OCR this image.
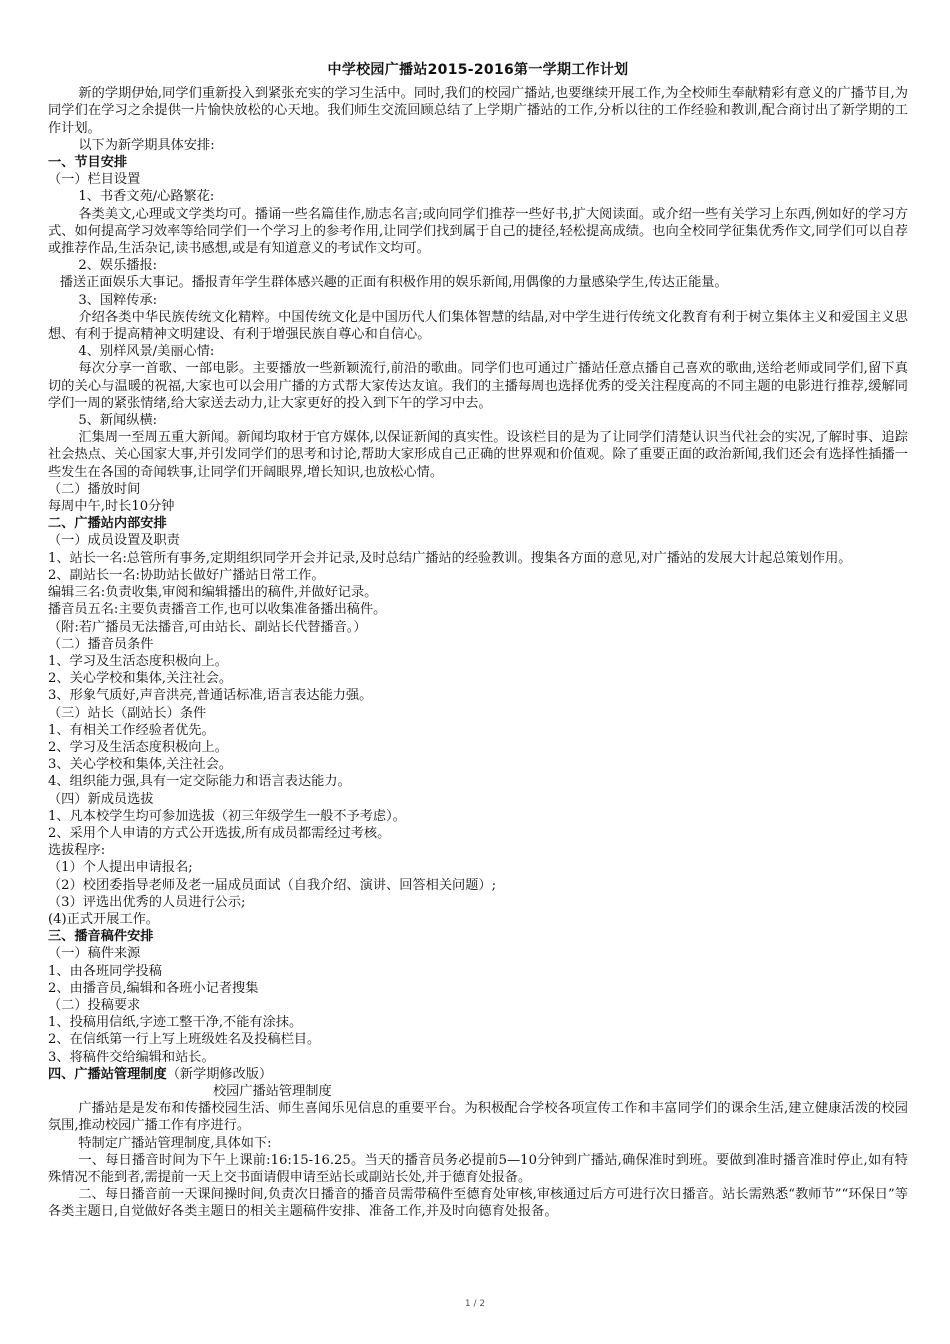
中学校园广播站2015-2016第一学期工作计划

新的学期伊始,同学们重新投入到紧张充实的学习生活中。同时,我们的校园广播站,也要继续开展工作,为全校师生奉献精彩有意义的广播节目,为同学们在学习之余提供一片愉快放松的心天地。我们师生交流回顾总结了上学期广播站的工作,分析以往的工作经验和教训,配合商讨出了新学期的工作计划。

以下为新学期具体安排:

一、节目安排

（一）栏目设置

1、书香文苑/心路繁花:

各类美文,心理或文学类均可。播诵一些名篇佳作,励志名言;或向同学们推荐一些好书,扩大阅读面。或介绍一些有关学习上东西,例如好的学习方式、如何提高学习效率等给同学们一个学习上的参考作用,让同学们找到属于自己的捷径,轻松提高成绩。也向全校同学征集优秀作文,同学们可以自荐或推荐作品,生活杂记,读书感想,或是有知道意义的考试作文均可。

2、娱乐播报:

播送正面娱乐大事记。播报青年学生群体感兴趣的正面有积极作用的娱乐新闻,用偶像的力量感染学生,传达正能量。

3、国粹传承:

介绍各类中华民族传统文化精粹。中国传统文化是中国历代人们集体智慧的结晶,对中学生进行传统文化教育有利于树立集体主义和爱国主义思想、有利于提高精神文明建设、有利于增强民族自尊心和自信心。

4、别样风景/美丽心情:

每次分享一首歌、一部电影。主要播放一些新颖流行,前沿的歌曲。同学们也可通过广播站任意点播自己喜欢的歌曲,送给老师或同学们,留下真切的关心与温暖的祝福,大家也可以会用广播的方式帮大家传达友谊。我们的主播每周也选择优秀的受关注程度高的不同主题的电影进行推荐,缓解同学们一周的紧张情绪,给大家送去动力,让大家更好的投入到下午的学习中去。

5、新闻纵横:

汇集周一至周五重大新闻。新闻均取材于官方媒体,以保证新闻的真实性。设该栏目的是为了让同学们清楚认识当代社会的实况,了解时事、追踪社会热点、关心国家大事,并引发同学们的思考和讨论,帮助大家形成自己正确的世界观和价值观。除了重要正面的政治新闻,我们还会有选择性插播一些发生在各国的奇闻轶事,让同学们开阔眼界,增长知识,也放松心情。

（二）播放时间

每周中午,时长10分钟

二、广播站内部安排

（一）成员设置及职责

1、站长一名:总管所有事务,定期组织同学开会并记录,及时总结广播站的经验教训。搜集各方面的意见,对广播站的发展大计起总策划作用。

2、副站长一名:协助站长做好广播站日常工作。

编辑三名:负责收集,审阅和编辑播出的稿件,并做好记录。

播音员五名:主要负责播音工作,也可以收集准备播出稿件。

（附:若广播员无法播音,可由站长、副站长代替播音。）

（二）播音员条件

1、学习及生活态度积极向上。

2、关心学校和集体,关注社会。

3、形象气质好,声音洪亮,普通话标准,语言表达能力强。

（三）站长（副站长）条件

1、有相关工作经验者优先。

2、学习及生活态度积极向上。

3、关心学校和集体,关注社会。

4、组织能力强,具有一定交际能力和语言表达能力。

（四）新成员选拔

1、凡本校学生均可参加选拔（初三年级学生一般不予考虑）。

2、采用个人申请的方式公开选拔,所有成员都需经过考核。

选拔程序:

（1）个人提出申请报名;

（2）校团委指导老师及老一届成员面试（自我介绍、演讲、回答相关问题）;

（3）评选出优秀的人员进行公示;

(4)正式开展工作。

三、播音稿件安排

（一）稿件来源

1、由各班同学投稿

2、由播音员,编辑和各班小记者搜集

（二）投稿要求

1、投稿用信纸,字迹工整干净,不能有涂抹。

2、在信纸第一行上写上班级姓名及投稿栏目。

3、将稿件交给编辑和站长。

四、广播站管理制度（新学期修改版）

校园广播站管理制度

广播站是是发布和传播校园生活、师生喜闻乐见信息的重要平台。为积极配合学校各项宣传工作和丰富同学们的课余生活,建立健康活泼的校园氛围,推动校园广播工作有序进行。

特制定广播站管理制度,具体如下:

一、每日播音时间为下午上课前:16:15-16.25。当天的播音员务必提前5—10分钟到广播站,确保准时到班。要做到准时播音准时停止,如有特殊情况不能到者,需提前一天上交书面请假申请至站长或副站长处,并于德育处报备。

二、每日播音前一天课间操时间,负责次日播音的播音员需带稿件至德育处审核,审核通过后方可进行次日播音。站长需熟悉“教师节”“环保日”等各类主题日,自觉做好各类主题日的相关主题稿件安排、准备工作,并及时向德育处报备。

1 / 2
